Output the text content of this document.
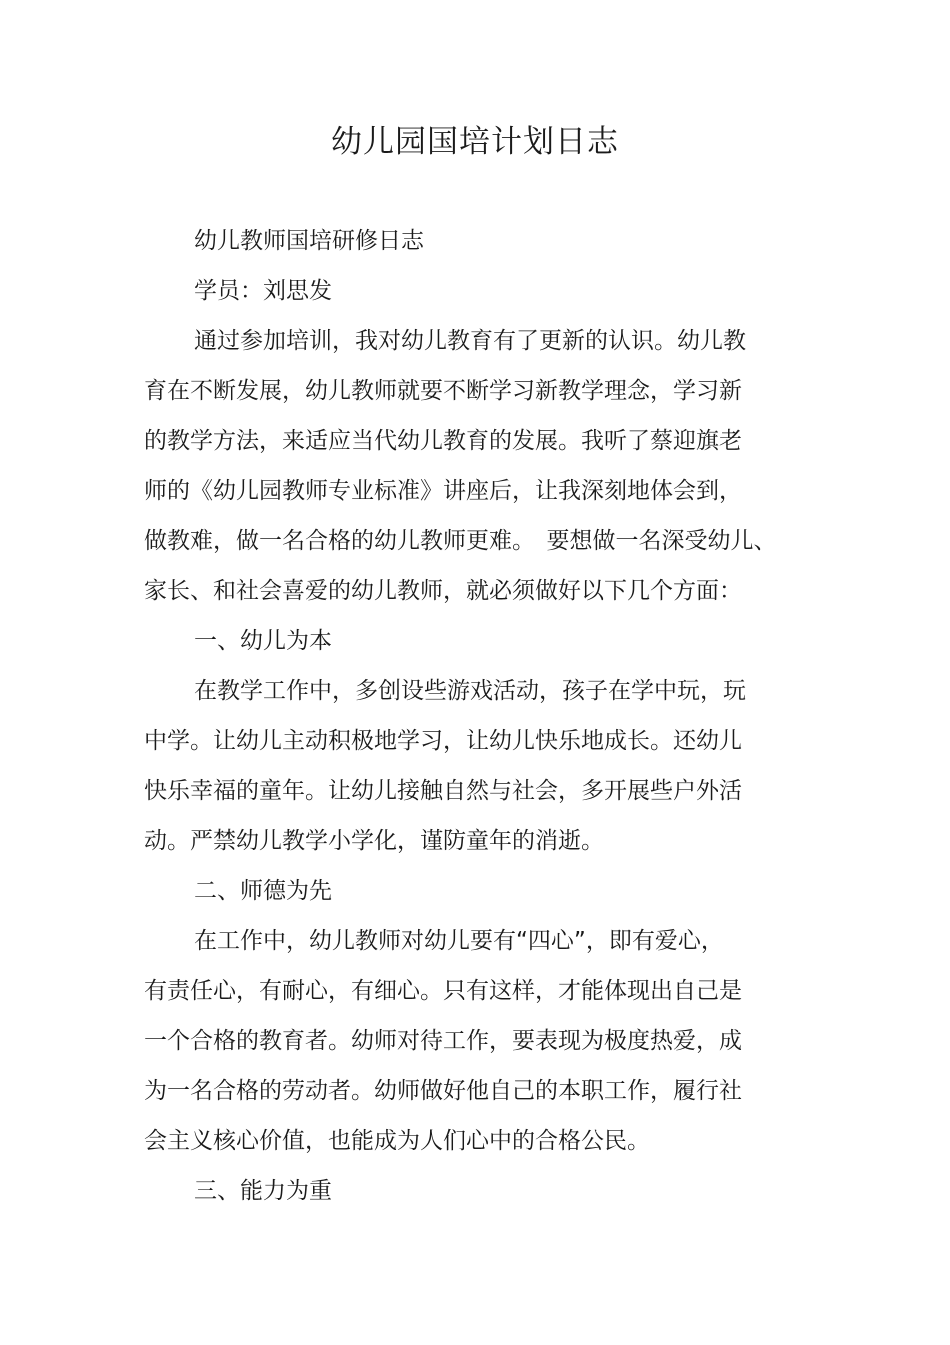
幼儿园国培计划日志
幼儿教师国培研修日志
学员：刘思发
通过参加培训，我对幼儿教育有了更新的认识。幼儿教
育在不断发展，幼儿教师就要不断学习新教学理念，学习新
的教学方法，来适应当代幼儿教育的发展。我听了蔡迎旗老
师的《幼儿园教师专业标准》讲座后，让我深刻地体会到，
做教难，做一名合格的幼儿教师更难。　要想做一名深受幼儿、
家长、和社会喜爱的幼儿教师，就必须做好以下几个方面：
一、幼儿为本
在教学工作中，多创设些游戏活动，孩子在学中玩，玩
中学。让幼儿主动积极地学习，让幼儿快乐地成长。还幼儿
快乐幸福的童年。让幼儿接触自然与社会，多开展些户外活
动。严禁幼儿教学小学化，谨防童年的消逝。
二、师德为先
在工作中，幼儿教师对幼儿要有“四心”，即有爱心，
有责任心，有耐心，有细心。只有这样，才能体现出自己是
一个合格的教育者。幼师对待工作，要表现为极度热爱，成
为一名合格的劳动者。幼师做好他自己的本职工作，履行社
会主义核心价值，也能成为人们心中的合格公民。
三、能力为重
